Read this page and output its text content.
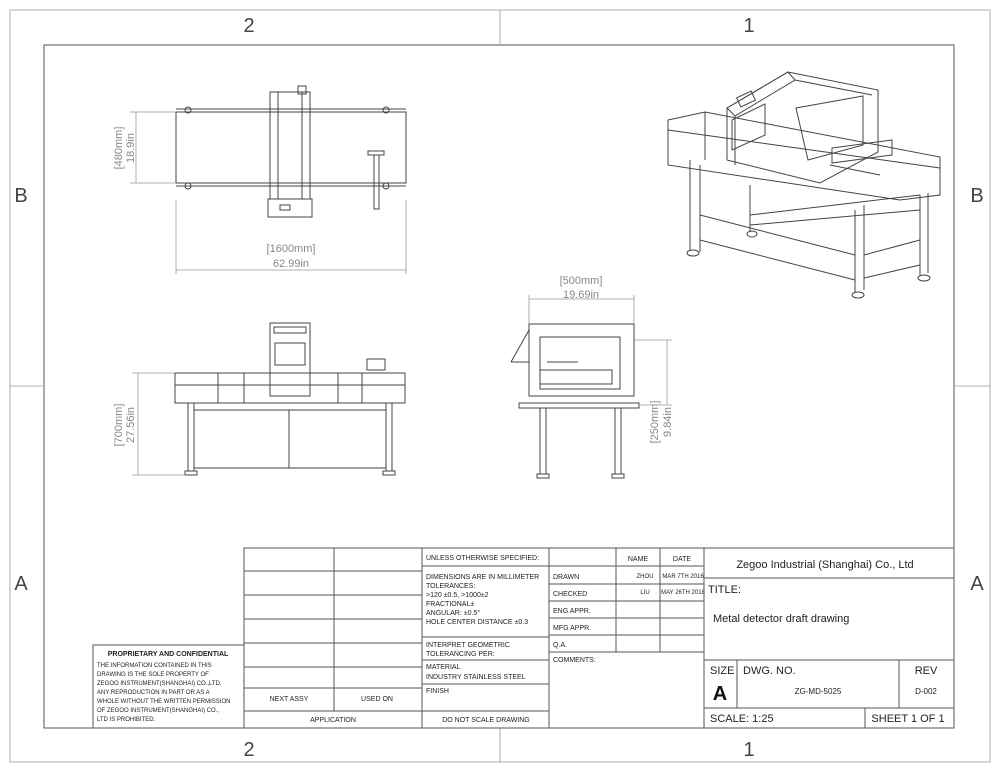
2	1
2	1
B
A
B
A
[1600mm]
62.99in
[480mm] 18.9in
[700mm] 27.56in
[500mm]
19.69in
[250mm] 9.84in
PROPRIETARY AND CONFIDENTIAL
THE INFORMATION CONTAINED IN THIS
DRAWING IS THE SOLE PROPERTY OF
ZEGOO INSTRUMENT(SHANGHAI) CO.,LTD.
ANY REPRODUCTION IN PART OR AS A
WHOLE WITHOUT THE WRITTEN PERMISSION
OF ZEGOO INSTRUMENT(SHANGHAI) CO.,
LTD IS PROHIBITED.
NEXT ASSY	USED ON
APPLICATION
UNLESS OTHERWISE SPECIFIED:
DIMENSIONS ARE IN MILLIMETER
TOLERANCES:
>120 ±0.5, >1000±2
FRACTIONAL±
ANGULAR: ±0.5°
HOLE CENTER DISTANCE ±0.3
INTERPRET GEOMETRIC
TOLERANCING PER:
MATERIAL
INDUSTRY STAINLESS STEEL
FINISH
DO NOT SCALE DRAWING
NAME	DATE
DRAWN	ZHOU MAR 7TH 2016
CHECKED	LIU MAY 26TH 2018
ENG APPR.
MFG APPR.
Q.A.
COMMENTS:
Zegoo Industrial (Shanghai) Co., Ltd
TITLE:
Metal detector draft drawing
SIZE
A
DWG. NO.
ZG-MD-5025
REV
D-002
SCALE: 1:25	SHEET 1 OF 1
